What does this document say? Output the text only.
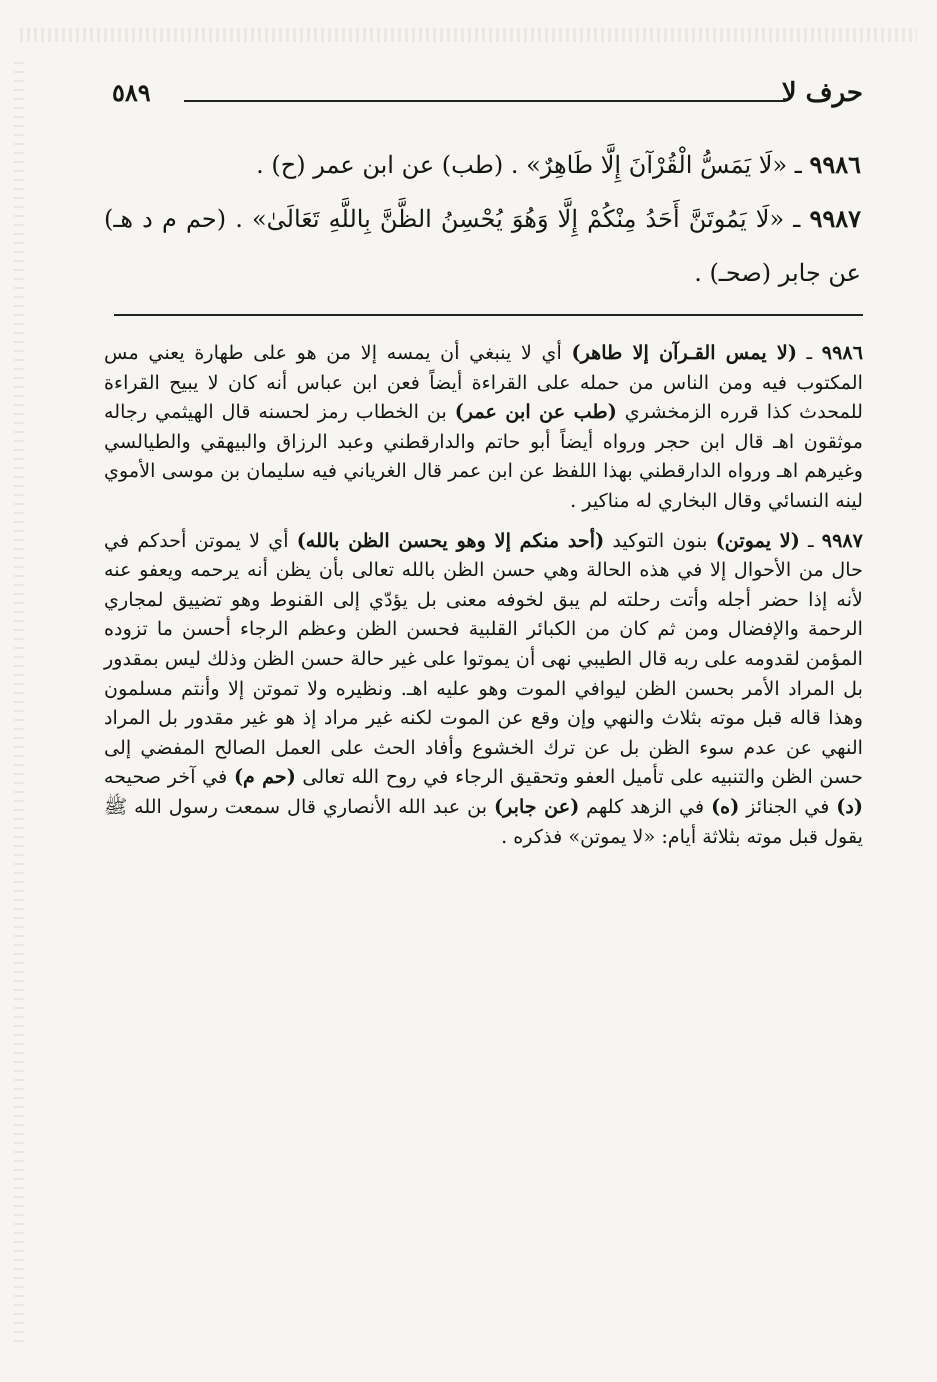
حرف لا
٥٨٩

٩٩٨٦ ـ «لَا يَمَسُّ الْقُرْآنَ إِلَّا طَاهِرٌ» . (طب) عن ابن عمر (ح) .

٩٩٨٧ ـ «لَا يَمُوتَنَّ أَحَدُ مِنْكُمْ إِلَّا وَهُوَ يُحْسِنُ الظَّنَّ بِاللَّهِ تَعَالَىٰ» . (حم م د هـ) عن جابر (صحـ) .

٩٩٨٦ ـ (لا يمس القـرآن إلا طاهر) أي لا ينبغي أن يمسه إلا من هو على طهارة يعني مس المكتوب فيه ومن الناس من حمله على القراءة أيضاً فعن ابن عباس أنه كان لا يبيح القراءة للمحدث كذا قرره الزمخشري (طب عن ابن عمر) بن الخطاب رمز لحسنه قال الهيثمي رجاله موثقون اهـ قال ابن حجر ورواه أيضاً أبو حاتم والدارقطني وعبد الرزاق والبيهقي والطيالسي وغيرهم اهـ ورواه الدارقطني بهذا اللفظ عن ابن عمر قال الغرياني فيه سليمان بن موسى الأموي لينه النسائي وقال البخاري له مناكير .

٩٩٨٧ ـ (لا يموتن) بنون التوكيد (أحد منكم إلا وهو يحسن الظن بالله) أي لا يموتن أحدكم في حال من الأحوال إلا في هذه الحالة وهي حسن الظن بالله تعالى بأن يظن أنه يرحمه ويعفو عنه لأنه إذا حضر أجله وأتت رحلته لم يبق لخوفه معنى بل يؤدّي إلى القنوط وهو تضييق لمجاري الرحمة والإفضال ومن ثم كان من الكبائر القلبية فحسن الظن وعظم الرجاء أحسن ما تزوده المؤمن لقدومه على ربه قال الطيبي نهى أن يموتوا على غير حالة حسن الظن وذلك ليس بمقدور بل المراد الأمر بحسن الظن ليوافي الموت وهو عليه اهـ. ونظيره ولا تموتن إلا وأنتم مسلمون وهذا قاله قبل موته بثلاث والنهي وإن وقع عن الموت لكنه غير مراد إذ هو غير مقدور بل المراد النهي عن عدم سوء الظن بل عن ترك الخشوع وأفاد الحث على العمل الصالح المفضي إلى حسن الظن والتنبيه على تأميل العفو وتحقيق الرجاء في روح الله تعالى (حم م) في آخر صحيحه (د) في الجنائز (ه) في الزهد كلهم (عن جابر) بن عبد الله الأنصاري قال سمعت رسول الله ﷺ يقول قبل موته بثلاثة أيام: «لا يموتن» فذكره .
